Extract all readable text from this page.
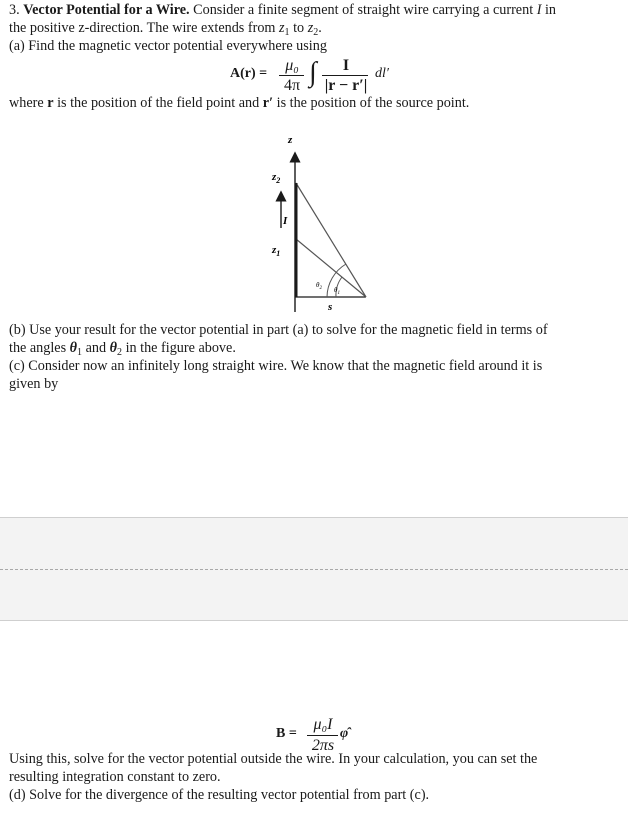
3. Vector Potential for a Wire. Consider a finite segment of straight wire carrying a current I in
the positive z-direction. The wire extends from $z_1$ to $z_2$.
(a) Find the magnetic vector potential everywhere using
A(r) =	μ₀
4π ∫	I
|r − r′|
dl′
where r is the position of the field point and r′ is the position of the source point.
z
$z_2$
I
$z_1$
$\theta_2$ $\theta_1$
s
(b) Use your result for the vector potential in part (a) to solve for the magnetic field in terms of
the angles $\theta_1$ and $\theta_2$ in the figure above.
(c) Consider now an infinitely long straight wire. We know that the magnetic field around it is
given by
B =
μ₀I
2πs
φ̂
Using this, solve for the vector potential outside the wire. In your calculation, you can set the
resulting integration constant to zero.
(d) Solve for the divergence of the resulting vector potential from part (c).
